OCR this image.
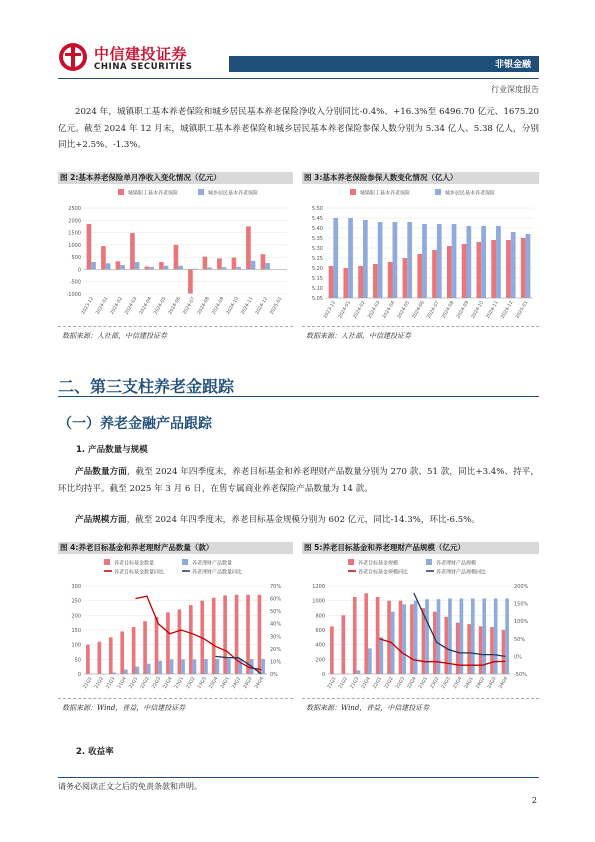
中信建投证券
CHINA SECURITIES	非银金融
行业深度报告

2024 年，城镇职工基本养老保险和城乡居民基本养老保险净收入分别同比-0.4%、+16.3%至 6496.70 亿元、1675.20 亿元。截至 2024 年 12 月末，城镇职工基本养老保险和城乡居民基本养老保险参保人数分别为 5.34 亿人、5.38 亿人，分别同比+2.5%、-1.3%。

图 2:基本养老保险单月净收入变化情况（亿元）
城镇职工基本养老保险	城乡居民基本养老保险
2500
2000
1500
1000
500
0
-500
-1000
2023-12 2024-01 2024-02 2024-03 2024-04 2024-05 2024-06 2024-07 2024-08 2024-09 2024-10 2024-11 2024-12 2025-01
数据来源：人社部，中信建投证券
图 3:基本养老保险参保人数变化情况（亿人）
城镇职工基本养老保险	城乡居民基本养老保险
5.50
5.45
5.40
5.35
5.30
5.25
5.20
5.15
5.10
5.05
2023-12 2024-01 2024-02 2024-03 2024-04 2024-05 2024-06 2024-07 2024-08 2024-09 2024-10 2024-11 2024-12 2025-01
数据来源：人社部，中信建投证券
二、第三支柱养老金跟踪
（一）养老金融产品跟踪
1. 产品数量与规模

产品数量方面，截至 2024 年四季度末，养老目标基金和养老理财产品数量分别为 270 款、51 款，同比+3.4%、持平，环比均持平。截至 2025 年 3 月 6 日，在售专属商业养老保险产品数量为 14 款。

产品规模方面，截至 2024 年四季度末，养老目标基金规模分别为 602 亿元，同比-14.3%，环比-6.5%。

图 4:养老目标基金和养老理财产品数量（款）
养老目标基金数量	养老理财产品数量
养老目标基金数量同比	养老理财产品数量同比
300
250
200
150
100
50
0
70%
60%
50%
40%
30%
20%
10%
0%
21Q1 21Q2 21Q3 21Q4 22Q1 22Q2 22Q3 22Q4 23Q1 23Q2 23Q3 23Q4 24Q1 24Q2 24Q3 24Q4
数据来源：Wind，普益，中信建投证券
图 5:养老目标基金和养老理财产品规模（亿元）
养老目标基金规模	养老理财产品规模
养老目标基金规模同比	养老理财产品规模同比
1200
1000
800
600
400
200
0
200%
150%
100%
50%
0%
-50%
21Q1 21Q2 21Q3 21Q4 22Q1 22Q2 22Q3 22Q4 23Q1 23Q2 23Q3 23Q4 24Q1 24Q2 24Q3 24Q4
数据来源：Wind，普益，中信建投证券
2. 收益率
请务必阅读正文之后的免责条款和声明。
2
